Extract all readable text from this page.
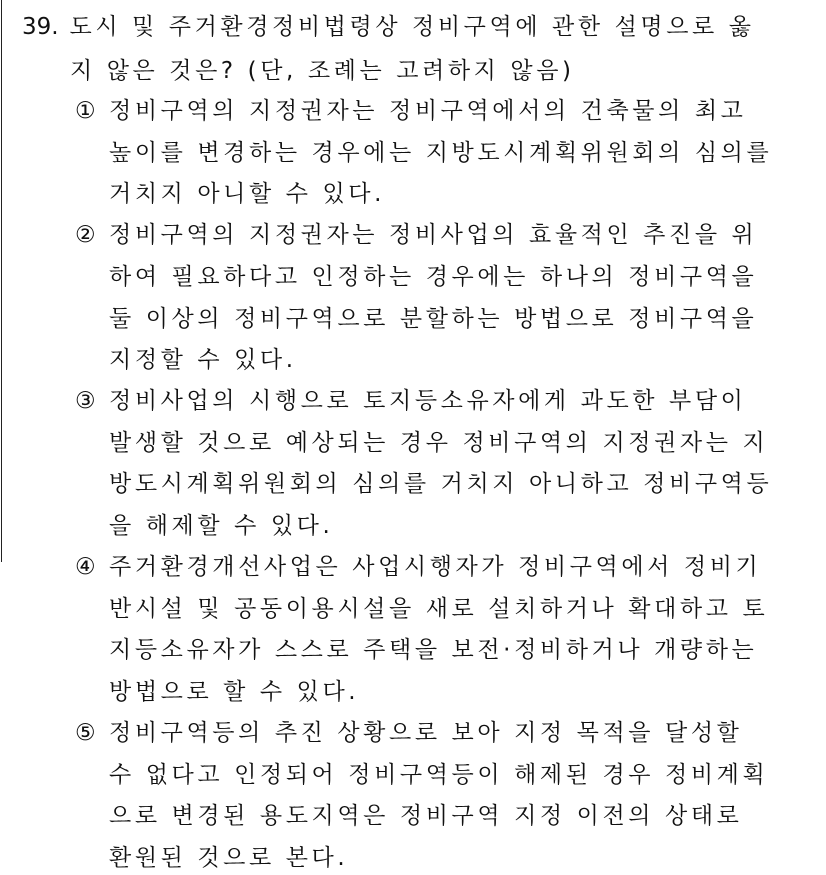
39. 도시 및 주거환경정비법령상 정비구역에 관한 설명으로 옳
지 않은 것은? (단, 조례는 고려하지 않음)
① 정비구역의 지정권자는 정비구역에서의 건축물의 최고
높이를 변경하는 경우에는 지방도시계획위원회의 심의를
거치지 아니할 수 있다.
② 정비구역의 지정권자는 정비사업의 효율적인 추진을 위
하여 필요하다고 인정하는 경우에는 하나의 정비구역을
둘 이상의 정비구역으로 분할하는 방법으로 정비구역을
지정할 수 있다.
③ 정비사업의 시행으로 토지등소유자에게 과도한 부담이
발생할 것으로 예상되는 경우 정비구역의 지정권자는 지
방도시계획위원회의 심의를 거치지 아니하고 정비구역등
을 해제할 수 있다.
④ 주거환경개선사업은 사업시행자가 정비구역에서 정비기
반시설 및 공동이용시설을 새로 설치하거나 확대하고 토
지등소유자가 스스로 주택을 보전·정비하거나 개량하는
방법으로 할 수 있다.
⑤ 정비구역등의 추진 상황으로 보아 지정 목적을 달성할
수 없다고 인정되어 정비구역등이 해제된 경우 정비계획
으로 변경된 용도지역은 정비구역 지정 이전의 상태로
환원된 것으로 본다.
